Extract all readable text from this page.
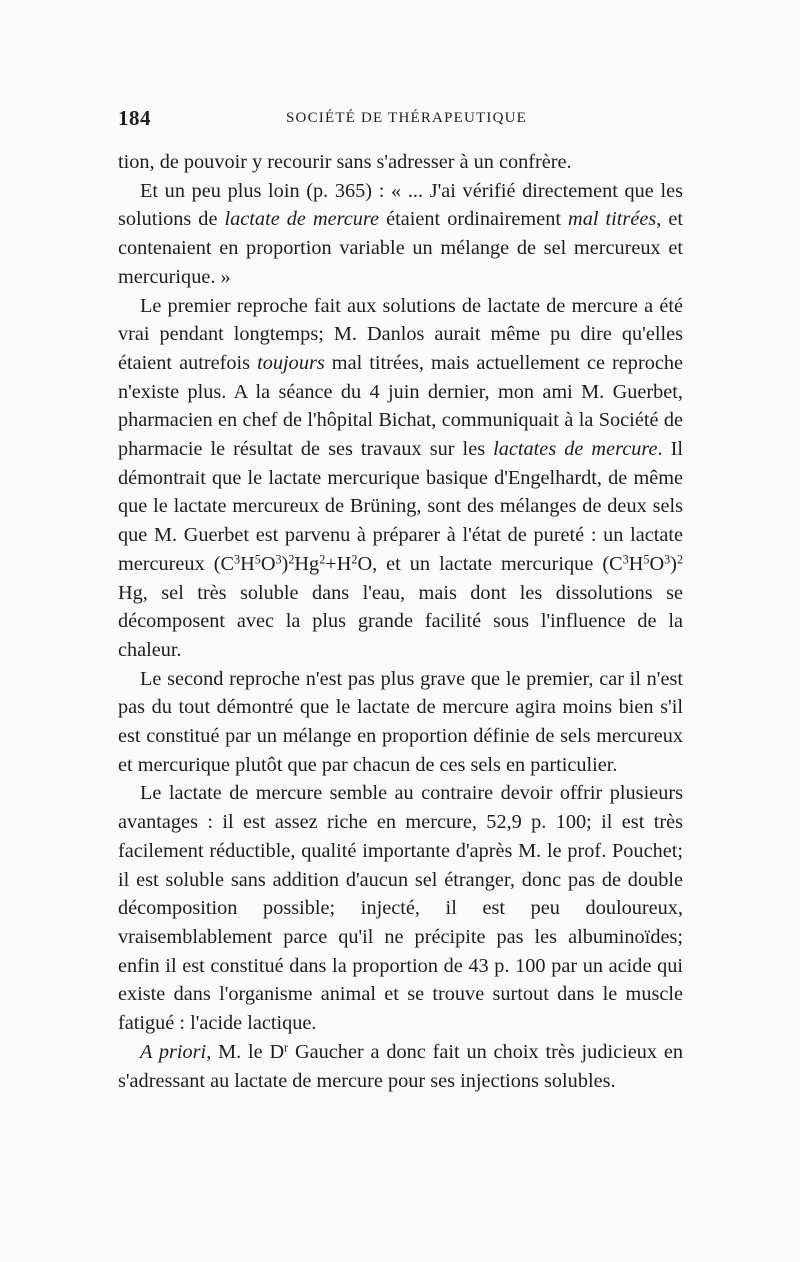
184	SOCIÉTÉ DE THÉRAPEUTIQUE

tion, de pouvoir y recourir sans s'adresser à un confrère.

Et un peu plus loin (p. 365) : « ... J'ai vérifié directement que les solutions de lactate de mercure étaient ordinairement mal titrées, et contenaient en proportion variable un mélange de sel mercureux et mercurique. »

Le premier reproche fait aux solutions de lactate de mercure a été vrai pendant longtemps; M. Danlos aurait même pu dire qu'elles étaient autrefois toujours mal titrées, mais actuellement ce reproche n'existe plus. A la séance du 4 juin dernier, mon ami M. Guerbet, pharmacien en chef de l'hôpital Bichat, communiquait à la Société de pharmacie le résultat de ses travaux sur les lactates de mercure. Il démontrait que le lactate mercurique basique d'Engelhardt, de même que le lactate mercureux de Brüning, sont des mélanges de deux sels que M. Guerbet est parvenu à préparer à l'état de pureté : un lactate mercureux $(C^3H^5O^3)^2Hg^2+H^2O$, et un lactate mercurique $(C^3H^5O^3)^2$ Hg, sel très soluble dans l'eau, mais dont les dissolutions se décomposent avec la plus grande facilité sous l'influence de la chaleur.

Le second reproche n'est pas plus grave que le premier, car il n'est pas du tout démontré que le lactate de mercure agira moins bien s'il est constitué par un mélange en proportion définie de sels mercureux et mercurique plutôt que par chacun de ces sels en particulier.

Le lactate de mercure semble au contraire devoir offrir plusieurs avantages : il est assez riche en mercure, 52,9 p. 100; il est très facilement réductible, qualité importante d'après M. le prof. Pouchet; il est soluble sans addition d'aucun sel étranger, donc pas de double décomposition possible; injecté, il est peu douloureux, vraisemblablement parce qu'il ne précipite pas les albuminoïdes; enfin il est constitué dans la proportion de 43 p. 100 par un acide qui existe dans l'organisme animal et se trouve surtout dans le muscle fatigué : l'acide lactique.

A priori, M. le $D^r$ Gaucher a donc fait un choix très judicieux en s'adressant au lactate de mercure pour ses injections solubles.
